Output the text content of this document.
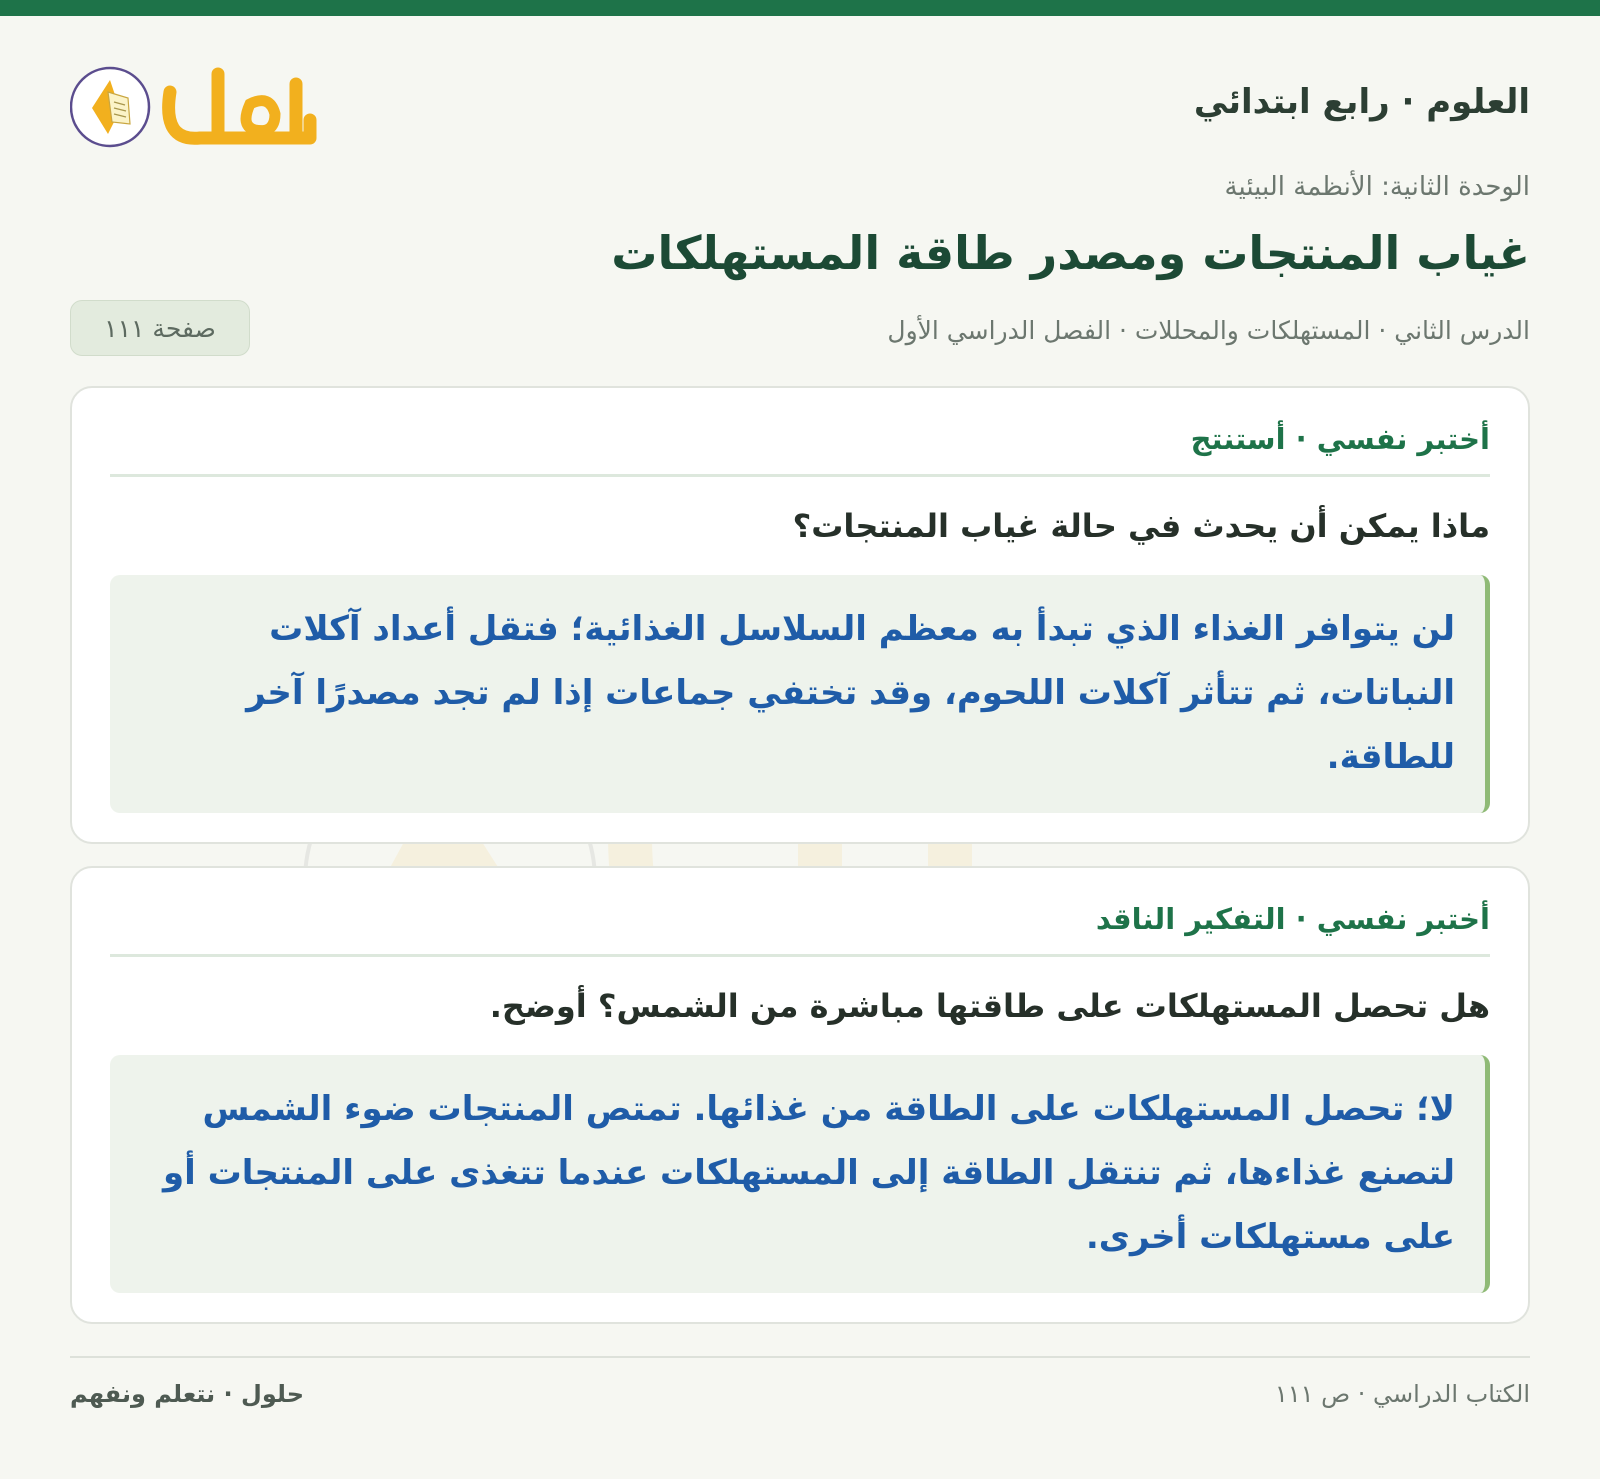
العلوم · رابع ابتدائي
الوحدة الثانية: الأنظمة البيئية
غياب المنتجات ومصدر طاقة المستهلكات
الدرس الثاني · المستهلكات والمحللات · الفصل الدراسي الأول
صفحة ١١١
أختبر نفسي · أستنتج
ماذا يمكن أن يحدث في حالة غياب المنتجات؟
لن يتوافر الغذاء الذي تبدأ به معظم السلاسل الغذائية؛ فتقل أعداد آكلات النباتات، ثم تتأثر آكلات اللحوم، وقد تختفي جماعات إذا لم تجد مصدرًا آخر للطاقة.
أختبر نفسي · التفكير الناقد
هل تحصل المستهلكات على طاقتها مباشرة من الشمس؟ أوضح.
لا؛ تحصل المستهلكات على الطاقة من غذائها. تمتص المنتجات ضوء الشمس لتصنع غذاءها، ثم تنتقل الطاقة إلى المستهلكات عندما تتغذى على المنتجات أو على مستهلكات أخرى.
الكتاب الدراسي · ص ١١١
حلول · نتعلم ونفهم
